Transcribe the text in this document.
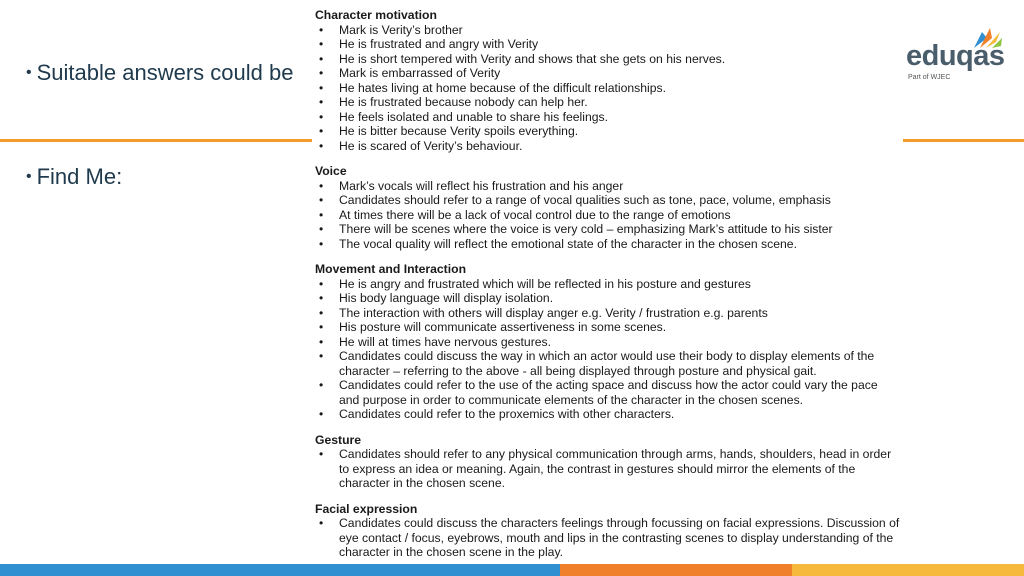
• Suitable answers could be
• Find Me:
eduqas
Part of WJEC

Character motivation

• Mark is Verity’s brother
• He is frustrated and angry with Verity
• He is short tempered with Verity and shows that she gets on his nerves.
• Mark is embarrassed of Verity
• He hates living at home because of the difficult relationships.
• He is frustrated because nobody can help her.
• He feels isolated and unable to share his feelings.
• He is bitter because Verity spoils everything.
• He is scared of Verity’s behaviour.

Voice

• Mark’s vocals will reflect his frustration and his anger
• Candidates should refer to a range of vocal qualities such as tone, pace, volume, emphasis
• At times there will be a lack of vocal control due to the range of emotions
• There will be scenes where the voice is very cold – emphasizing Mark’s attitude to his sister
• The vocal quality will reflect the emotional state of the character in the chosen scene.

Movement and Interaction

• He is angry and frustrated which will be reflected in his posture and gestures
• His body language will display isolation.
• The interaction with others will display anger e.g. Verity / frustration e.g. parents
• His posture will communicate assertiveness in some scenes.
• He will at times have nervous gestures.
• Candidates could discuss the way in which an actor would use their body to display elements of the character – referring to the above - all being displayed through posture and physical gait.
• Candidates could refer to the use of the acting space and discuss how the actor could vary the pace and purpose in order to communicate elements of the character in the chosen scenes.
• Candidates could refer to the proxemics with other characters.

Gesture

• Candidates should refer to any physical communication through arms, hands, shoulders, head in order to express an idea or meaning. Again, the contrast in gestures should mirror the elements of the character in the chosen scene.

Facial expression

• Candidates could discuss the characters feelings through focussing on facial expressions. Discussion of eye contact / focus, eyebrows, mouth and lips in the contrasting scenes to display understanding of the character in the chosen scene in the play.
